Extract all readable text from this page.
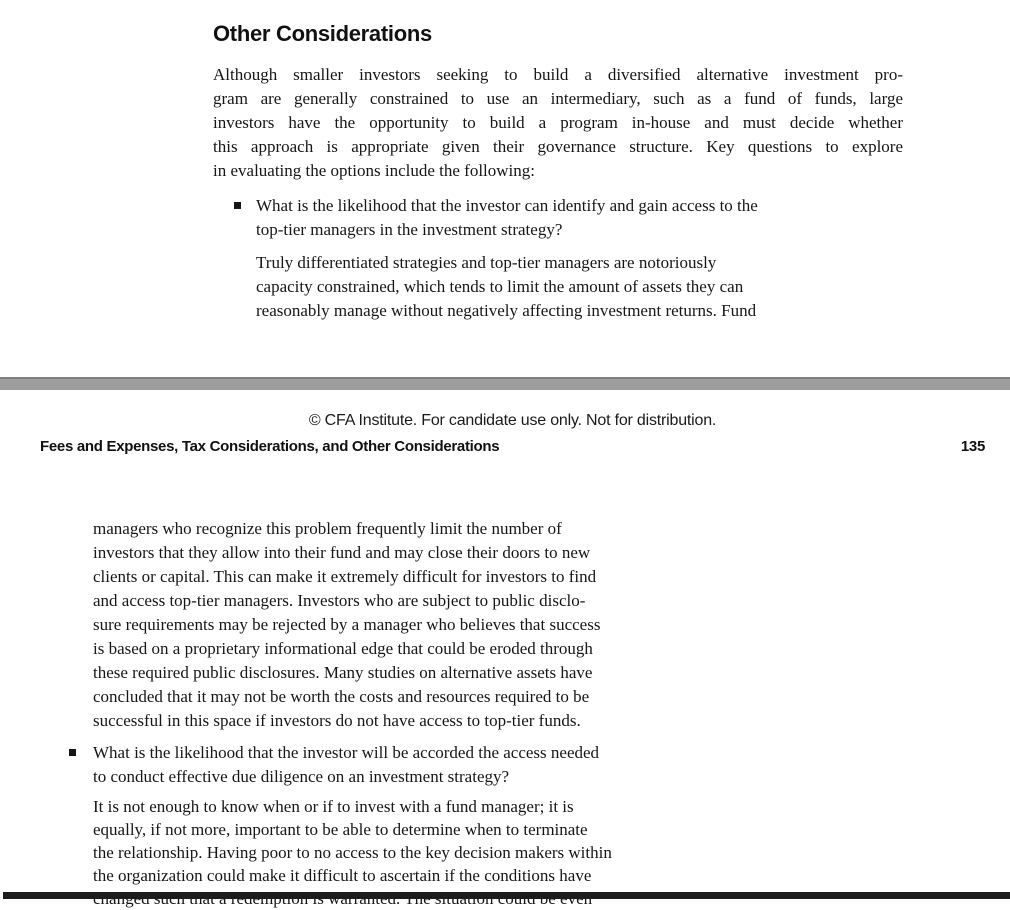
Other Considerations
Although smaller investors seeking to build a diversified alternative investment pro-
gram are generally constrained to use an intermediary, such as a fund of funds, large
investors have the opportunity to build a program in-house and must decide whether
this approach is appropriate given their governance structure. Key questions to explore
in evaluating the options include the following:
What is the likelihood that the investor can identify and gain access to the
top-tier managers in the investment strategy?
Truly differentiated strategies and top-tier managers are notoriously
capacity constrained, which tends to limit the amount of assets they can
reasonably manage without negatively affecting investment returns. Fund
© CFA Institute. For candidate use only. Not for distribution.
Fees and Expenses, Tax Considerations, and Other Considerations	135
managers who recognize this problem frequently limit the number of
investors that they allow into their fund and may close their doors to new
clients or capital. This can make it extremely difficult for investors to find
and access top-tier managers. Investors who are subject to public disclo-
sure requirements may be rejected by a manager who believes that success
is based on a proprietary informational edge that could be eroded through
these required public disclosures. Many studies on alternative assets have
concluded that it may not be worth the costs and resources required to be
successful in this space if investors do not have access to top-tier funds.
What is the likelihood that the investor will be accorded the access needed
to conduct effective due diligence on an investment strategy?
It is not enough to know when or if to invest with a fund manager; it is
equally, if not more, important to be able to determine when to terminate
the relationship. Having poor to no access to the key decision makers within
the organization could make it difficult to ascertain if the conditions have
